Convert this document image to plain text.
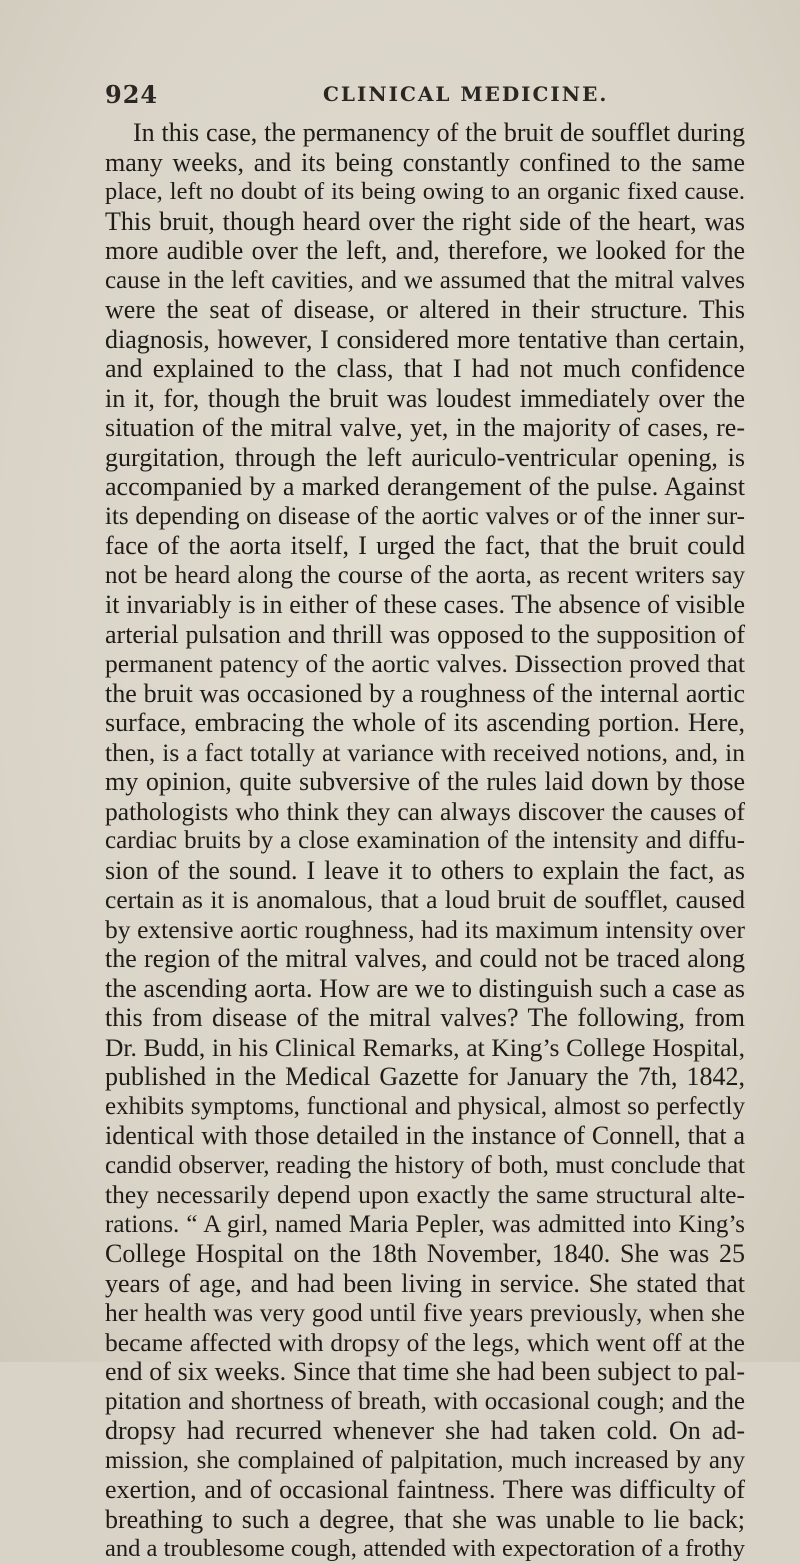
924	CLINICAL MEDICINE.
In this case, the permanency of the bruit de soufflet during
many weeks, and its being constantly confined to the same
place, left no doubt of its being owing to an organic fixed cause.
This bruit, though heard over the right side of the heart, was
more audible over the left, and, therefore, we looked for the
cause in the left cavities, and we assumed that the mitral valves
were the seat of disease, or altered in their structure. This
diagnosis, however, I considered more tentative than certain,
and explained to the class, that I had not much confidence
in it, for, though the bruit was loudest immediately over the
situation of the mitral valve, yet, in the majority of cases, re-
gurgitation, through the left auriculo-ventricular opening, is
accompanied by a marked derangement of the pulse. Against
its depending on disease of the aortic valves or of the inner sur-
face of the aorta itself, I urged the fact, that the bruit could
not be heard along the course of the aorta, as recent writers say
it invariably is in either of these cases. The absence of visible
arterial pulsation and thrill was opposed to the supposition of
permanent patency of the aortic valves. Dissection proved that
the bruit was occasioned by a roughness of the internal aortic
surface, embracing the whole of its ascending portion. Here,
then, is a fact totally at variance with received notions, and, in
my opinion, quite subversive of the rules laid down by those
pathologists who think they can always discover the causes of
cardiac bruits by a close examination of the intensity and diffu-
sion of the sound. I leave it to others to explain the fact, as
certain as it is anomalous, that a loud bruit de soufflet, caused
by extensive aortic roughness, had its maximum intensity over
the region of the mitral valves, and could not be traced along
the ascending aorta. How are we to distinguish such a case as
this from disease of the mitral valves? The following, from
Dr. Budd, in his Clinical Remarks, at King’s College Hospital,
published in the Medical Gazette for January the 7th, 1842,
exhibits symptoms, functional and physical, almost so perfectly
identical with those detailed in the instance of Connell, that a
candid observer, reading the history of both, must conclude that
they necessarily depend upon exactly the same structural alte-
rations. “ A girl, named Maria Pepler, was admitted into King’s
College Hospital on the 18th November, 1840. She was 25
years of age, and had been living in service. She stated that
her health was very good until five years previously, when she
became affected with dropsy of the legs, which went off at the
end of six weeks. Since that time she had been subject to pal-
pitation and shortness of breath, with occasional cough; and the
dropsy had recurred whenever she had taken cold. On ad-
mission, she complained of palpitation, much increased by any
exertion, and of occasional faintness. There was difficulty of
breathing to such a degree, that she was unable to lie back;
and a troublesome cough, attended with expectoration of a frothy
